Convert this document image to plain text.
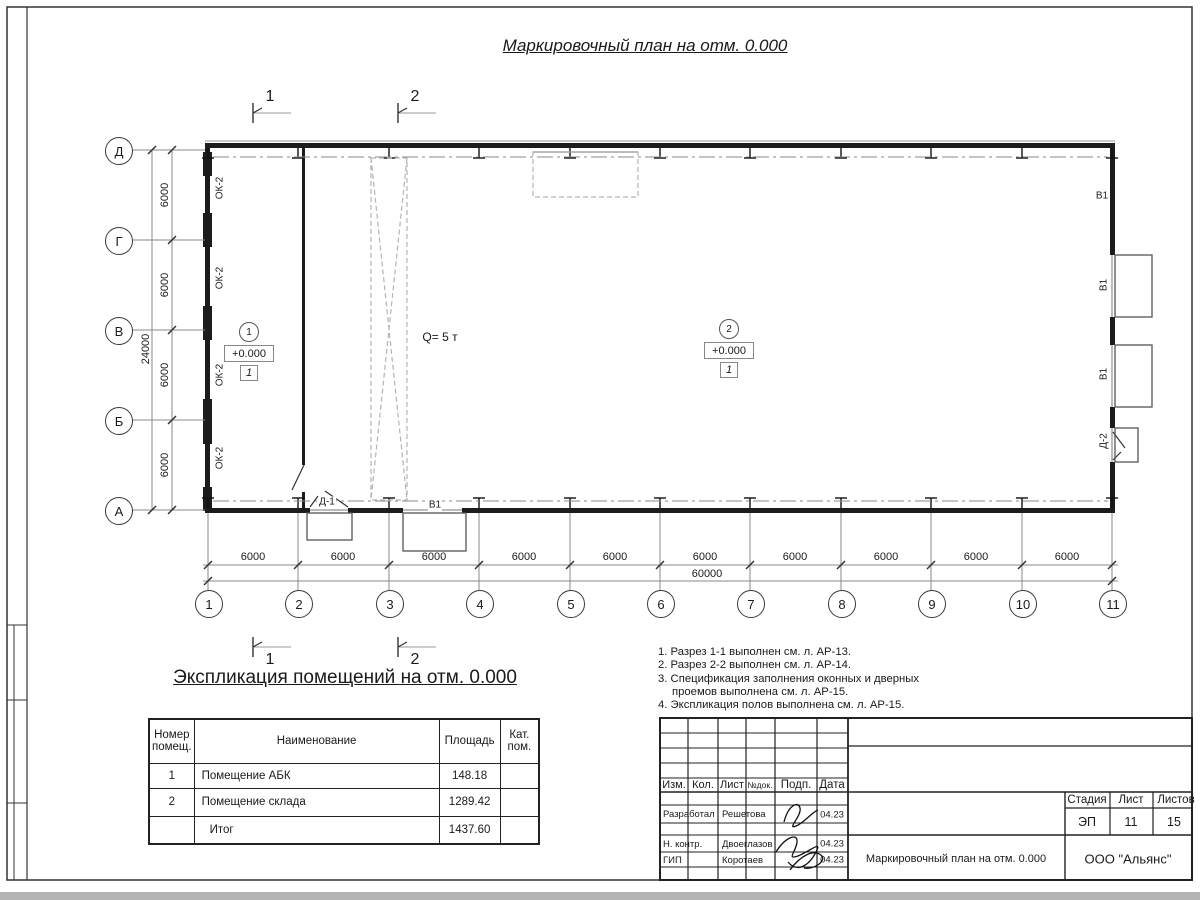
Маркировочный план на отм. 0.000
Экспликация помещений на отм. 0.000
1	2
1	2
Д
Г
В
Б
А
1	2	3	4	5	6	7	8	9	10	11
6000	6000	6000	6000	6000	6000	6000	6000	6000	6000
60000
6000
6000
6000
6000
24000
ОК-2
ОК-2
ОК-2
ОК-2
В1
В1
В1
В1
Д-2
Д-1
Q= 5 т
1
+0.000
1
2
+0.000
1
Номер помещ.	Наименование	Площадь	Кат. пом.
1	Помещение АБК	148.18	
2	Помещение склада	1289.42	
	Итог	1437.60	
1. Разрез 1-1 выполнен см. л. АР-13.
2. Разрез 2-2 выполнен см. л. АР-14.
3. Спецификация заполнения оконных и дверных
проемов выполнена см. л. АР-15.
4. Экспликация полов выполнена см. л. АР-15.
Изм. Кол. Лист №док. Подп. Дата
Разработал Решетова	04.23
Н. контр. Двоеглазов	04.23
ГИП	Коротаев	04.23
Стадия Лист Листов
ЭП 11 15
Маркировочный план на отм. 0.000	ООО "Альянс"
